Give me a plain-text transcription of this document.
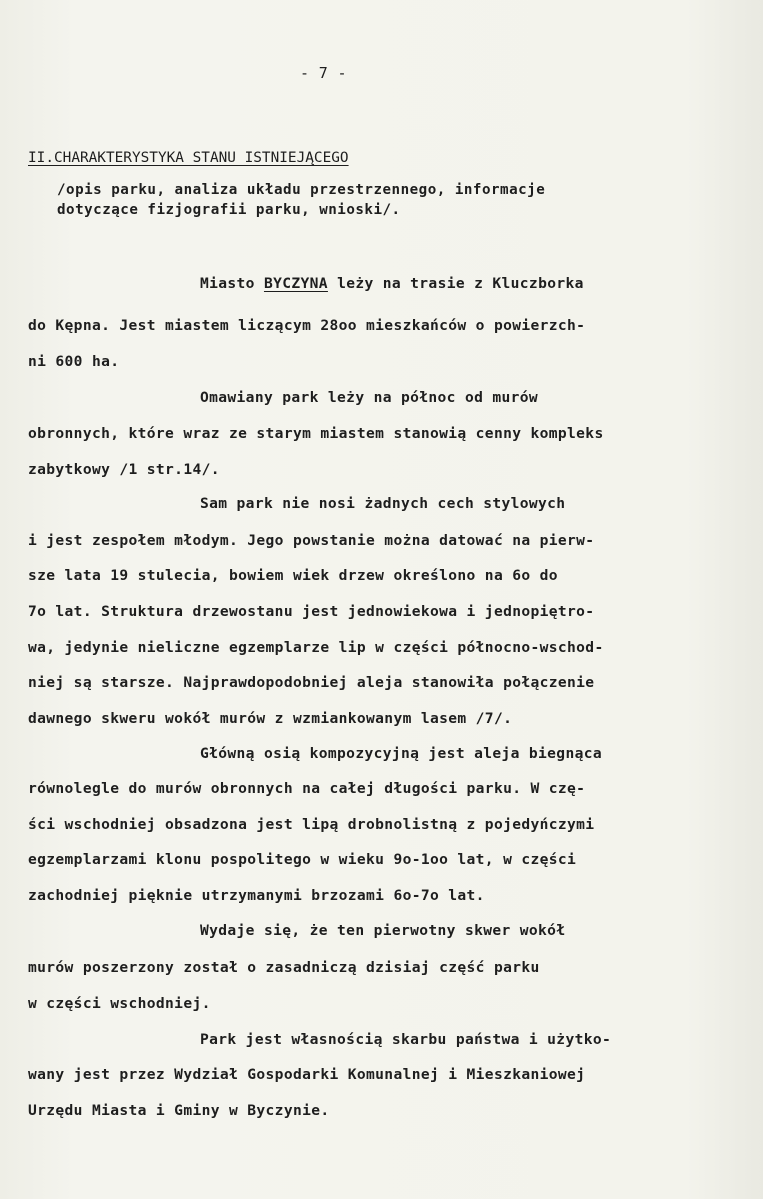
- 7 -
II.CHARAKTERYSTYKA STANU ISTNIEJĄCEGO
/opis parku, analiza układu przestrzennego, informacje
dotyczące fizjografii parku, wnioski/.
Miasto BYCZYNA leży na trasie z Kluczborka
do Kępna. Jest miastem liczącym 28oo mieszkańców o powierzch-
ni 600 ha.
Omawiany park leży na północ od murów
obronnych, które wraz ze starym miastem stanowią cenny kompleks
zabytkowy /1 str.14/.
Sam park nie nosi żadnych cech stylowych
i jest zespołem młodym. Jego powstanie można datować na pierw-
sze lata 19 stulecia, bowiem wiek drzew określono na 6o do
7o lat. Struktura drzewostanu jest jednowiekowa i jednopiętro-
wa, jedynie nieliczne egzemplarze lip w części północno-wschod-
niej są starsze. Najprawdopodobniej aleja stanowiła połączenie
dawnego skweru wokół murów z wzmiankowanym lasem /7/.
Główną osią kompozycyjną jest aleja biegnąca
równolegle do murów obronnych na całej długości parku. W czę-
ści wschodniej obsadzona jest lipą drobnolistną z pojedyńczymi
egzemplarzami klonu pospolitego w wieku 9o-1oo lat, w części
zachodniej pięknie utrzymanymi brzozami 6o-7o lat.
Wydaje się, że ten pierwotny skwer wokół
murów poszerzony został o zasadniczą dzisiaj część parku
w części wschodniej.
Park jest własnością skarbu państwa i użytko-
wany jest przez Wydział Gospodarki Komunalnej i Mieszkaniowej
Urzędu Miasta i Gminy w Byczynie.
